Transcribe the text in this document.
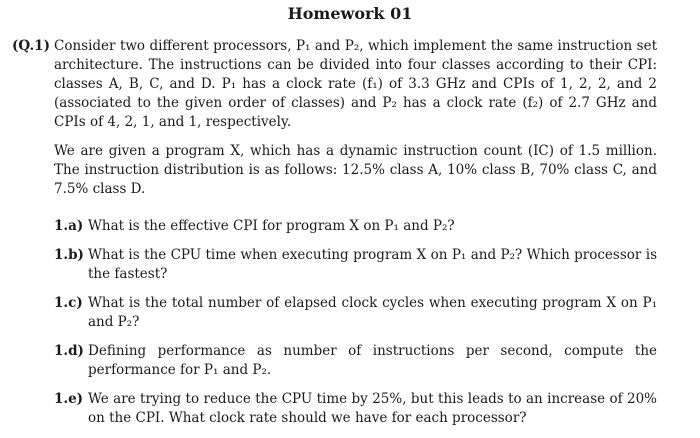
Homework 01
(Q.1) Consider two different processors, P₁ and P₂, which implement the same instruction set architecture. The instructions can be divided into four classes according to their CPI: classes A, B, C, and D. P₁ has a clock rate (f₁) of 3.3 GHz and CPIs of 1, 2, 2, and 2 (associated to the given order of classes) and P₂ has a clock rate (f₂) of 2.7 GHz and CPIs of 4, 2, 1, and 1, respectively.
We are given a program X, which has a dynamic instruction count (IC) of 1.5 million. The instruction distribution is as follows: 12.5% class A, 10% class B, 70% class C, and 7.5% class D.
1.a) What is the effective CPI for program X on P₁ and P₂?
1.b) What is the CPU time when executing program X on P₁ and P₂? Which processor is the fastest?
1.c) What is the total number of elapsed clock cycles when executing program X on P₁ and P₂?
1.d) Defining performance as number of instructions per second, compute the performance for P₁ and P₂.
1.e) We are trying to reduce the CPU time by 25%, but this leads to an increase of 20% on the CPI. What clock rate should we have for each processor?
